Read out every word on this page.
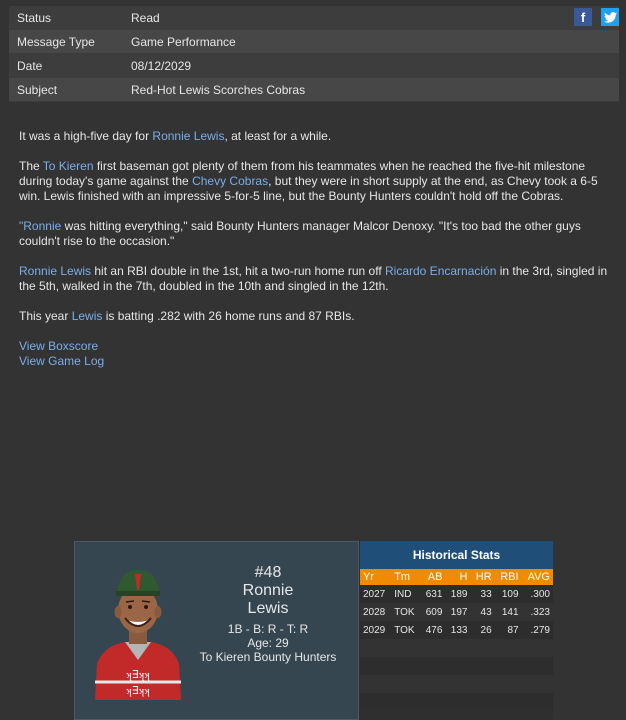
Status	Read	f
Message Type	Game Performance
Date	08/12/2029
Subject	Red-Hot Lewis Scorches Cobras

It was a high-five day for Ronnie Lewis, at least for a while.

The To Kieren first baseman got plenty of them from his teammates when he reached the five-hit milestone during today's game against the Chevy Cobras, but they were in short supply at the end, as Chevy took a 6-5 win. Lewis finished with an impressive 5-for-5 line, but the Bounty Hunters couldn't hold off the Cobras.

"Ronnie was hitting everything," said Bounty Hunters manager Malcor Denoxy. "It's too bad the other guys couldn't rise to the occasion."

Ronnie Lewis hit an RBI double in the 1st, hit a two-run home run off Ricardo Encarnación in the 3rd, singled in the 5th, walked in the 7th, doubled in the 10th and singled in the 12th.

This year Lewis is batting .282 with 26 home runs and 87 RBIs.

View Boxscore
View Game Log
ʞ∃ʞʞ
ʞ∃ʞʞ
#48
Ronnie
Lewis
1B - B: R - T: R
Age: 29
To Kieren Bounty Hunters
Historical Stats
Yr	Tm	AB	H	HR	RBI	AVG
2027	IND	631	189	33	109	.300
2028	TOK	609	197	43	141	.323
2029	TOK	476	133	26	87	.279
